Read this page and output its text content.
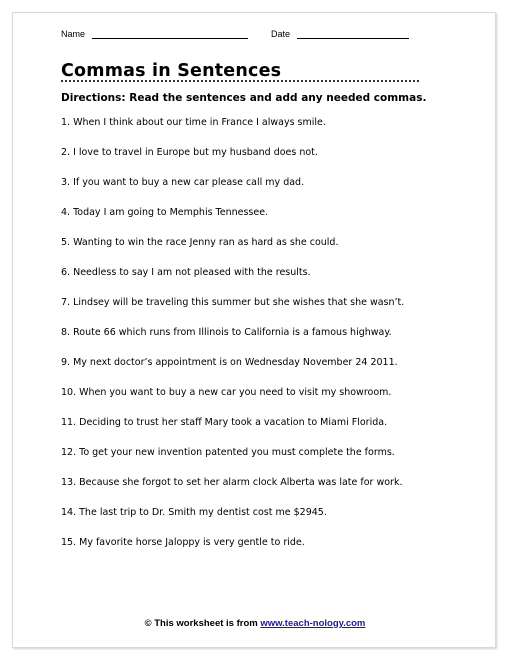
Name	Date
Commas in Sentences
Directions: Read the sentences and add any needed commas.
1. When I think about our time in France I always smile.
2. I love to travel in Europe but my husband does not.
3. If you want to buy a new car please call my dad.
4. Today I am going to Memphis Tennessee.
5. Wanting to win the race Jenny ran as hard as she could.
6. Needless to say I am not pleased with the results.
7. Lindsey will be traveling this summer but she wishes that she wasn’t.
8. Route 66 which runs from Illinois to California is a famous highway.
9. My next doctor’s appointment is on Wednesday November 24 2011.
10. When you want to buy a new car you need to visit my showroom.
11. Deciding to trust her staff Mary took a vacation to Miami Florida.
12. To get your new invention patented you must complete the forms.
13. Because she forgot to set her alarm clock Alberta was late for work.
14. The last trip to Dr. Smith my dentist cost me $2945.
15. My favorite horse Jaloppy is very gentle to ride.
© This worksheet is from www.teach-nology.com
